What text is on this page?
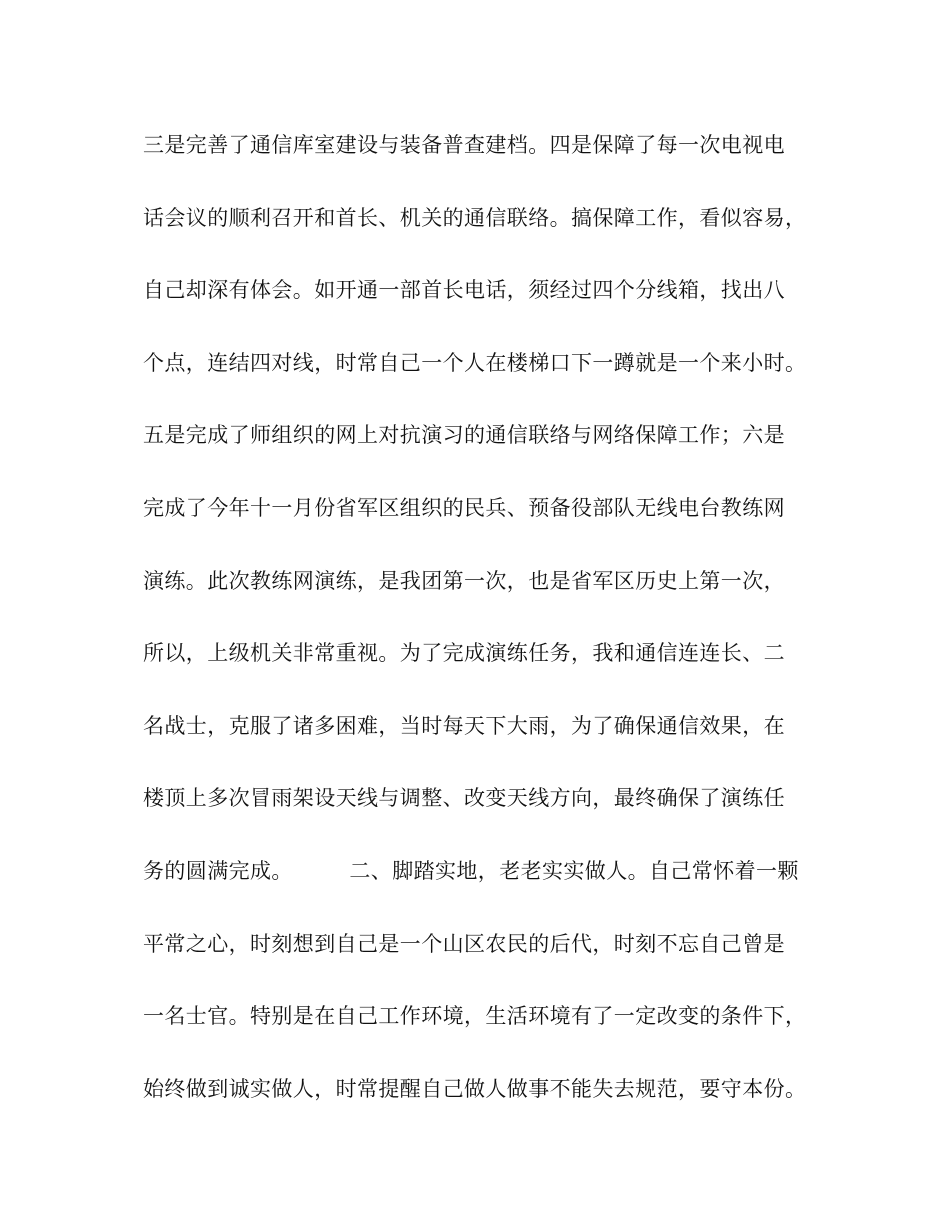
三是完善了通信库室建设与装备普查建档。四是保障了每一次电视电
话会议的顺利召开和首长、机关的通信联络。搞保障工作，看似容易，
自己却深有体会。如开通一部首长电话，须经过四个分线箱，找出八
个点，连结四对线，时常自己一个人在楼梯口下一蹲就是一个来小时。
五是完成了师组织的网上对抗演习的通信联络与网络保障工作；六是
完成了今年十一月份省军区组织的民兵、预备役部队无线电台教练网
演练。此次教练网演练，是我团第一次，也是省军区历史上第一次，
所以，上级机关非常重视。为了完成演练任务，我和通信连连长、二
名战士，克服了诸多困难，当时每天下大雨，为了确保通信效果，在
楼顶上多次冒雨架设天线与调整、改变天线方向，最终确保了演练任
务的圆满完成。        二、脚踏实地，老老实实做人。自己常怀着一颗
平常之心，时刻想到自己是一个山区农民的后代，时刻不忘自己曾是
一名士官。特别是在自己工作环境，生活环境有了一定改变的条件下，
始终做到诚实做人，时常提醒自己做人做事不能失去规范，要守本份。
